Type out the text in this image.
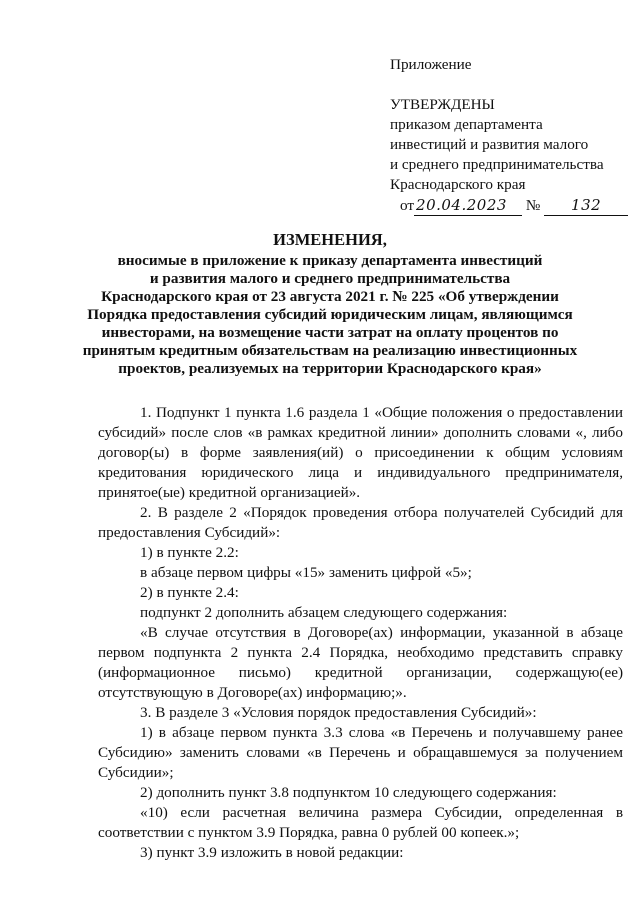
Приложение
УТВЕРЖДЕНЫ
приказом департамента
инвестиций и развития малого
и среднего предпринимательства
Краснодарского края
от 20.04.2023 № 132
ИЗМЕНЕНИЯ,
вносимые в приложение к приказу департамента инвестиций
и развития малого и среднего предпринимательства
Краснодарского края от 23 августа 2021 г. № 225 «Об утверждении
Порядка предоставления субсидий юридическим лицам, являющимся
инвесторами, на возмещение части затрат на оплату процентов по
принятым кредитным обязательствам на реализацию инвестиционных
проектов, реализуемых на территории Краснодарского края»
1. Подпункт 1 пункта 1.6 раздела 1 «Общие положения о предоставлении субсидий» после слов «в рамках кредитной линии» дополнить словами «, либо договор(ы) в форме заявления(ий) о присоединении к общим условиям кредитования юридического лица и индивидуального предпринимателя, принятое(ые) кредитной организацией».
2. В разделе 2 «Порядок проведения отбора получателей Субсидий для предоставления Субсидий»:
1) в пункте 2.2:
в абзаце первом цифры «15» заменить цифрой «5»;
2) в пункте 2.4:
подпункт 2 дополнить абзацем следующего содержания:
«В случае отсутствия в Договоре(ах) информации, указанной в абзаце первом подпункта 2 пункта 2.4 Порядка, необходимо представить справку (информационное письмо) кредитной организации, содержащую(ее) отсутствующую в Договоре(ах) информацию;».
3. В разделе 3 «Условия порядок предоставления Субсидий»:
1) в абзаце первом пункта 3.3 слова «в Перечень и получавшему ранее Субсидию» заменить словами «в Перечень и обращавшемуся за получением Субсидии»;
2) дополнить пункт 3.8 подпунктом 10 следующего содержания:
«10) если расчетная величина размера Субсидии, определенная в соответствии с пунктом 3.9 Порядка, равна 0 рублей 00 копеек.»;
3) пункт 3.9 изложить в новой редакции:
